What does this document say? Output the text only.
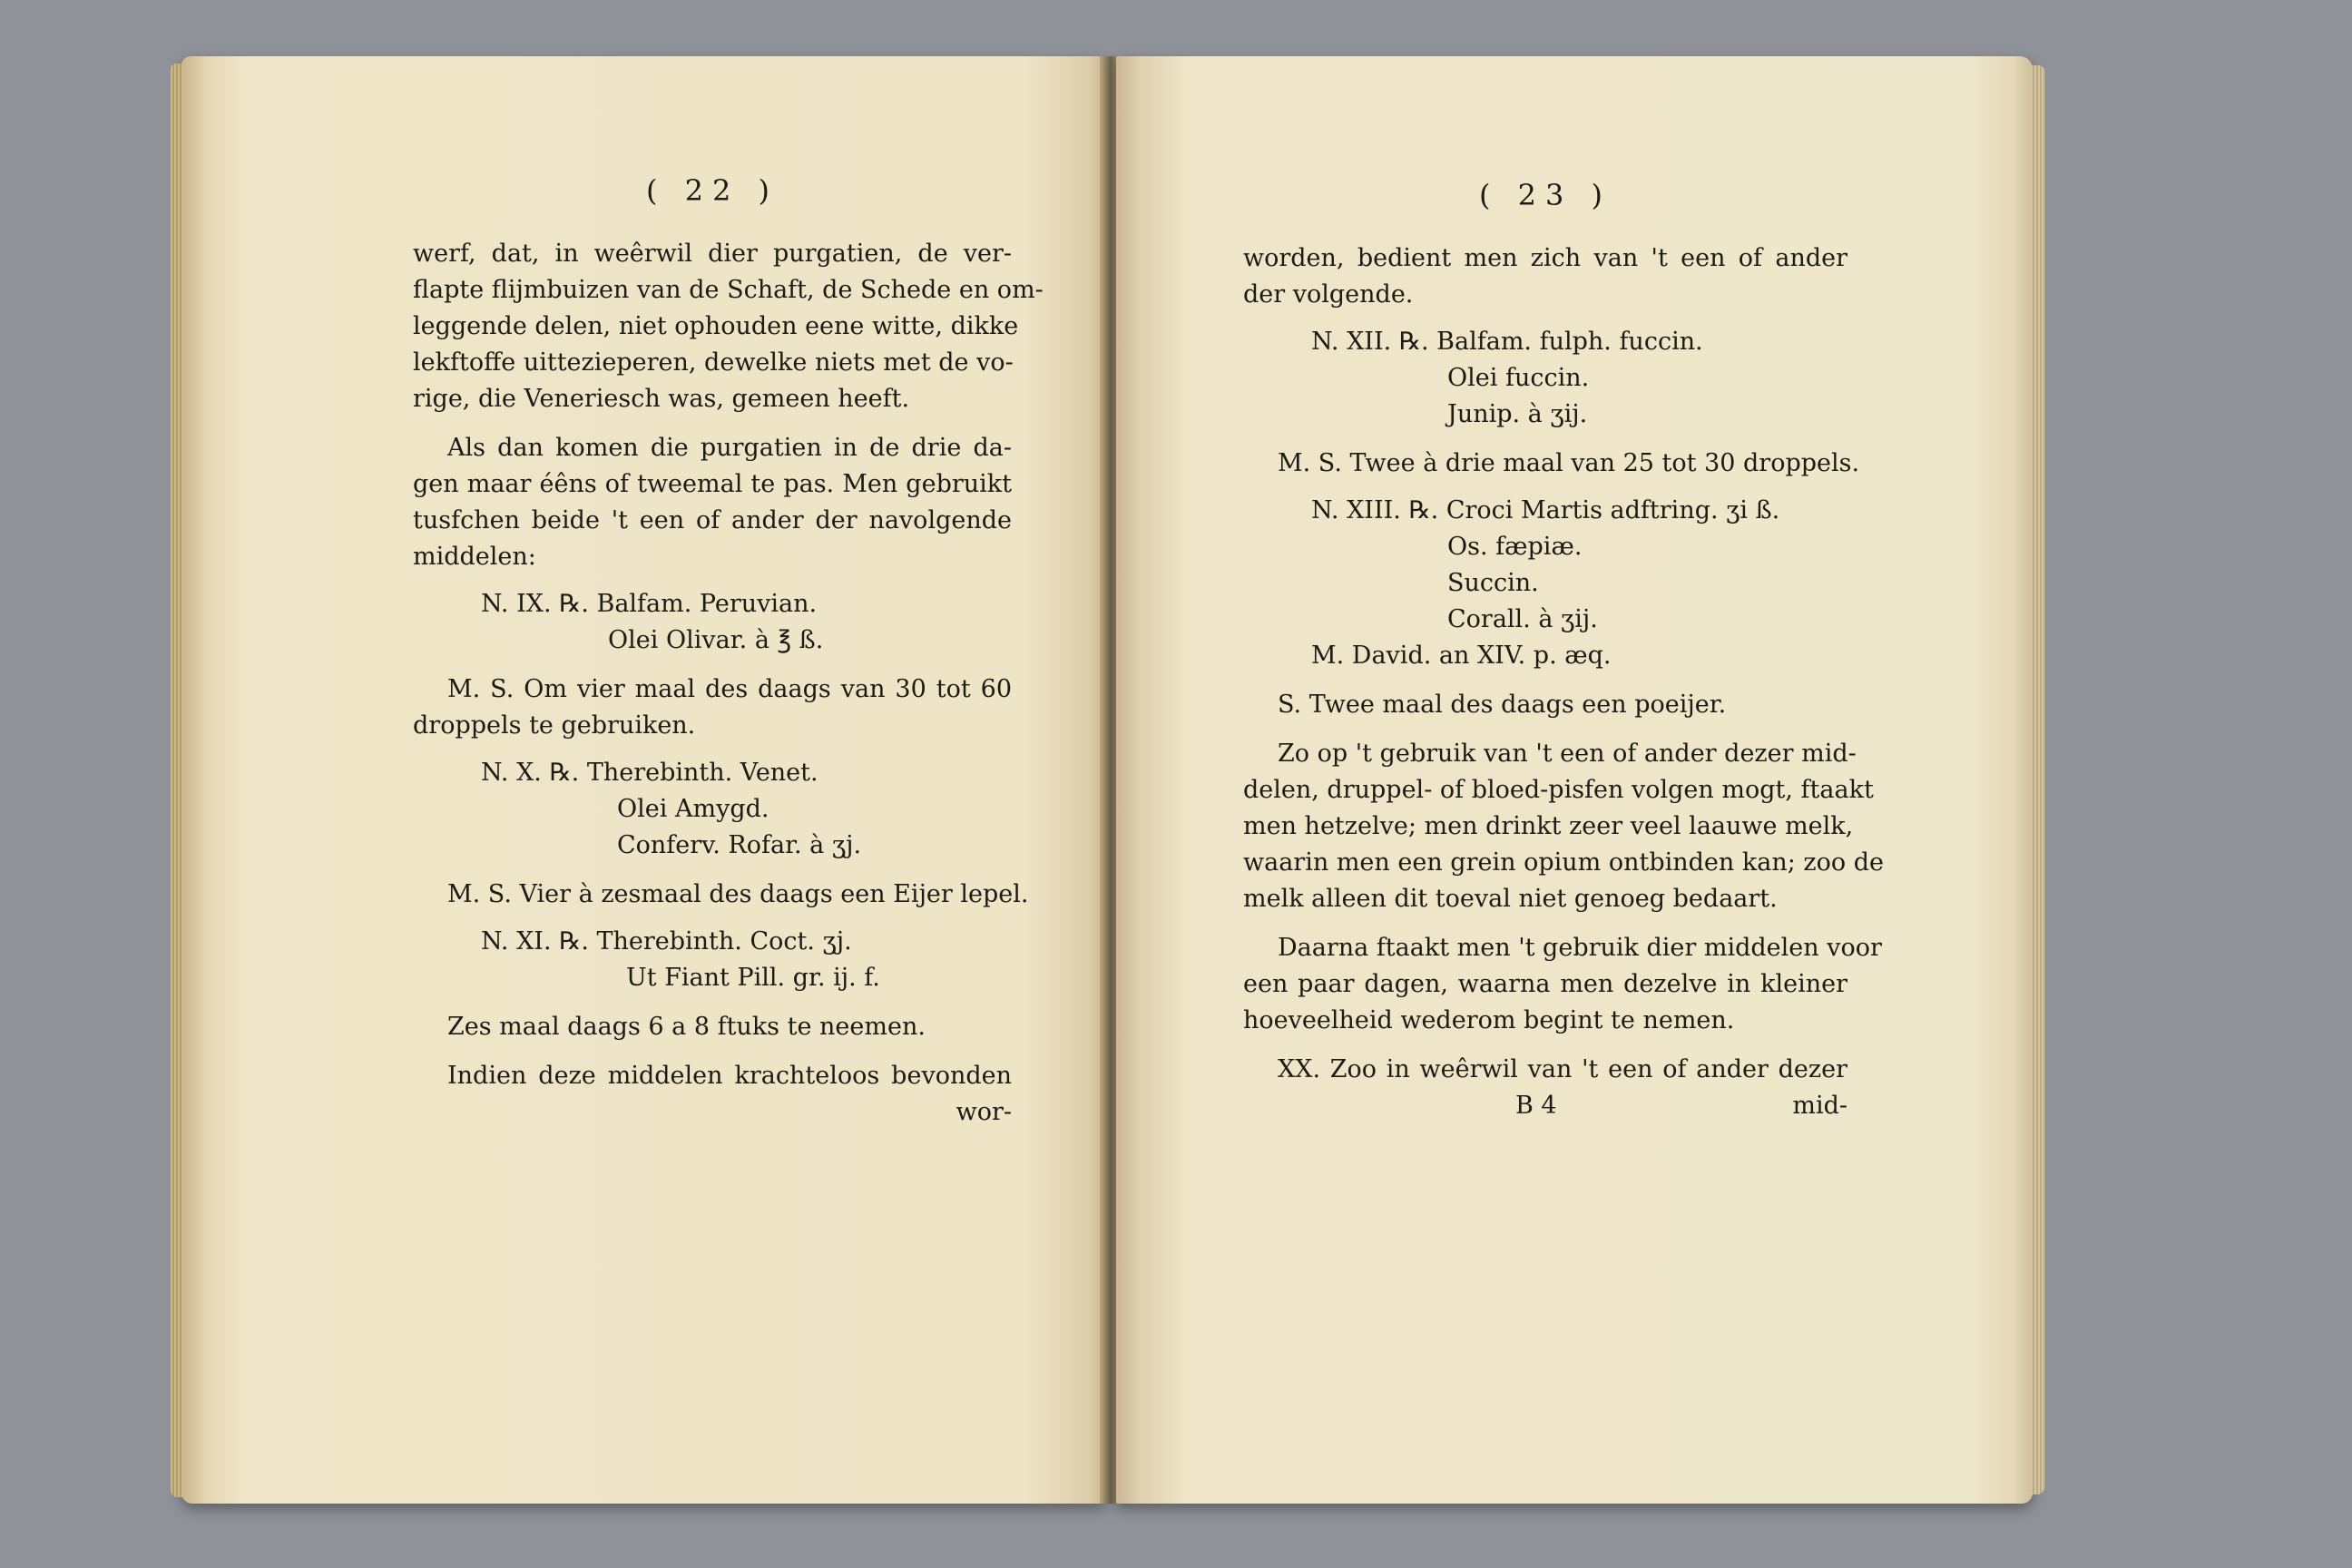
( 22 )
werf, dat, in weêrwil dier purgatien, de ver-
flapte flijmbuizen van de Schaft, de Schede en om-
leggende delen, niet ophouden eene witte, dikke
lekftoffe uittezieperen, dewelke niets met de vo-
rige, die Veneriesch was, gemeen heeft.
Als dan komen die purgatien in de drie da-
gen maar éêns of tweemal te pas. Men gebruikt
tusfchen beide 't een of ander der navolgende
middelen:
N. IX. ℞. Balfam. Peruvian.
Olei Olivar. à ℥ ß.
M. S. Om vier maal des daags van 30 tot 60
droppels te gebruiken.
N. X. ℞. Therebinth. Venet.
Olei Amygd.
Conferv. Rofar. à ʒj.
M. S. Vier à zesmaal des daags een Eijer lepel.
N. XI. ℞. Therebinth. Coct. ʒj.
Ut Fiant Pill. gr. ij. f.
Zes maal daags 6 a 8 ftuks te neemen.
Indien deze middelen krachteloos bevonden
wor-
( 23 )
worden, bedient men zich van 't een of ander
der volgende.
N. XII. ℞. Balfam. fulph. fuccin.
Olei fuccin.
Junip. à ʒij.
M. S. Twee à drie maal van 25 tot 30 droppels.
N. XIII. ℞. Croci Martis adftring. ʒi ß.
Os. fæpiæ.
Succin.
Corall. à ʒij.
M. David. an XIV. p. æq.
S. Twee maal des daags een poeijer.
Zo op 't gebruik van 't een of ander dezer mid-
delen, druppel- of bloed-pisfen volgen mogt, ftaakt
men hetzelve; men drinkt zeer veel laauwe melk,
waarin men een grein opium ontbinden kan; zoo de
melk alleen dit toeval niet genoeg bedaart.
Daarna ftaakt men 't gebruik dier middelen voor
een paar dagen, waarna men dezelve in kleiner
hoeveelheid wederom begint te nemen.
XX. Zoo in weêrwil van 't een of ander dezer
B 4	mid-
